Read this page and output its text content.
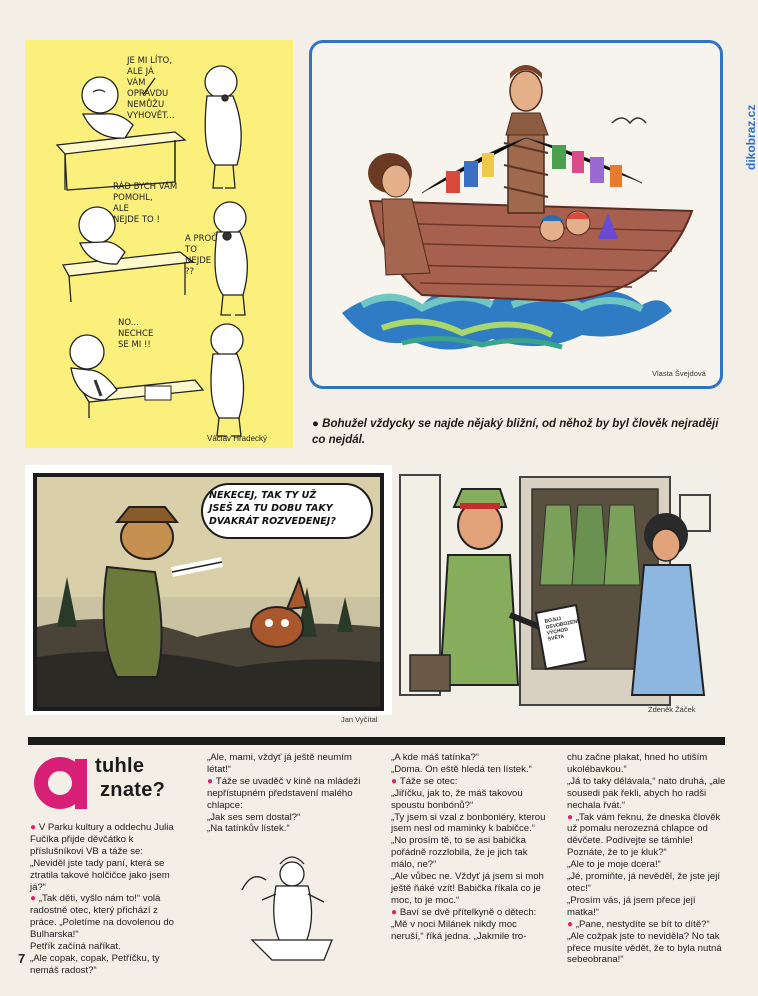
dikobraz.cz
JE MI LÍTO,
ALE JÁ
VÁM
OPRAVDU
NEMŮŽU
VYHOVĚT...
RÁD BYCH VÁM
POMOHL,
ALE
NEJDE TO !
A PROČ
TO
NEJDE
??
NO...
NECHCE
SE MI !!
Václav Hradecký
Vlasta Švejdová
● Bohužel vždycky se najde nějaký bližní, od něhož by byl člověk nejraději co nejdál.
NEKECEJ, TAK TY UŽ
JSEŠ ZA TU DOBU TAKY
DVAKRÁT ROZVEDENEJ?
Jan Vyčítal
BOJUJ
OSVOBOZENÍ
VÝCHOD
SVĚTA
Zdeněk Žáček
tuhle
znate?

● V Parku kultury a oddechu Julia Fučíka přijde děvčátko k příslušníkovi VB a táže se:

„Neviděl jste tady paní, která se ztratila takové holčičce jako jsem já?“

● „Tak děti, vyšlo nám to!“ volá radostně otec, který přichází z práce. „Poletíme na dovolenou do Bulharska!“

Petřík začíná naříkat.

„Ale copak, copak, Petříčku, ty nemáš radost?“

„Ale, mami, vždyť já ještě neumím létat!“

● Táže se uvaděč v kině na mládeži nepřístupném představení malého chlapce:

„Jak ses sem dostal?“

„Na tatínkův lístek.“

„A kde máš tatínka?“

„Doma. On eště hledá ten lístek.“

● Táže se otec:

„Jiříčku, jak to, že máš takovou spoustu bonbónů?“

„Ty jsem si vzal z bonboniéry, kterou jsem nesl od maminky k babičce.“

„No prosím tě, to se asi babička pořádně rozzlobila, že je jich tak málo, ne?“

„Ale vůbec ne. Vždyť já jsem si moh ještě ňáké vzít! Babička říkala co je moc, to je moc.“

● Baví se dvě přítelkyně o dětech:

„Mě v noci Milánek nikdy moc neruší,“ říká jedna. „Jakmile tro-

chu začne plakat, hned ho utiším ukolébavkou.“

„Já to taky dělávala,“ nato druhá, „ale sousedi pak řekli, abych ho radši nechala řvát.“

● „Tak vám řeknu, že dneska člověk už pomalu nerozezná chlapce od děvčete. Podívejte se támhle! Poznáte, že to je kluk?“

„Ale to je moje dcera!“

„Jé, promiňte, já nevěděl, že jste její otec!“

„Prosím vás, já jsem přece její matka!“

● „Pane, nestydíte se bít to dítě?“

„Ale cožpak jste to neviděla? No tak přece musíte vědět, že to byla nutná sebeobrana!“

7
